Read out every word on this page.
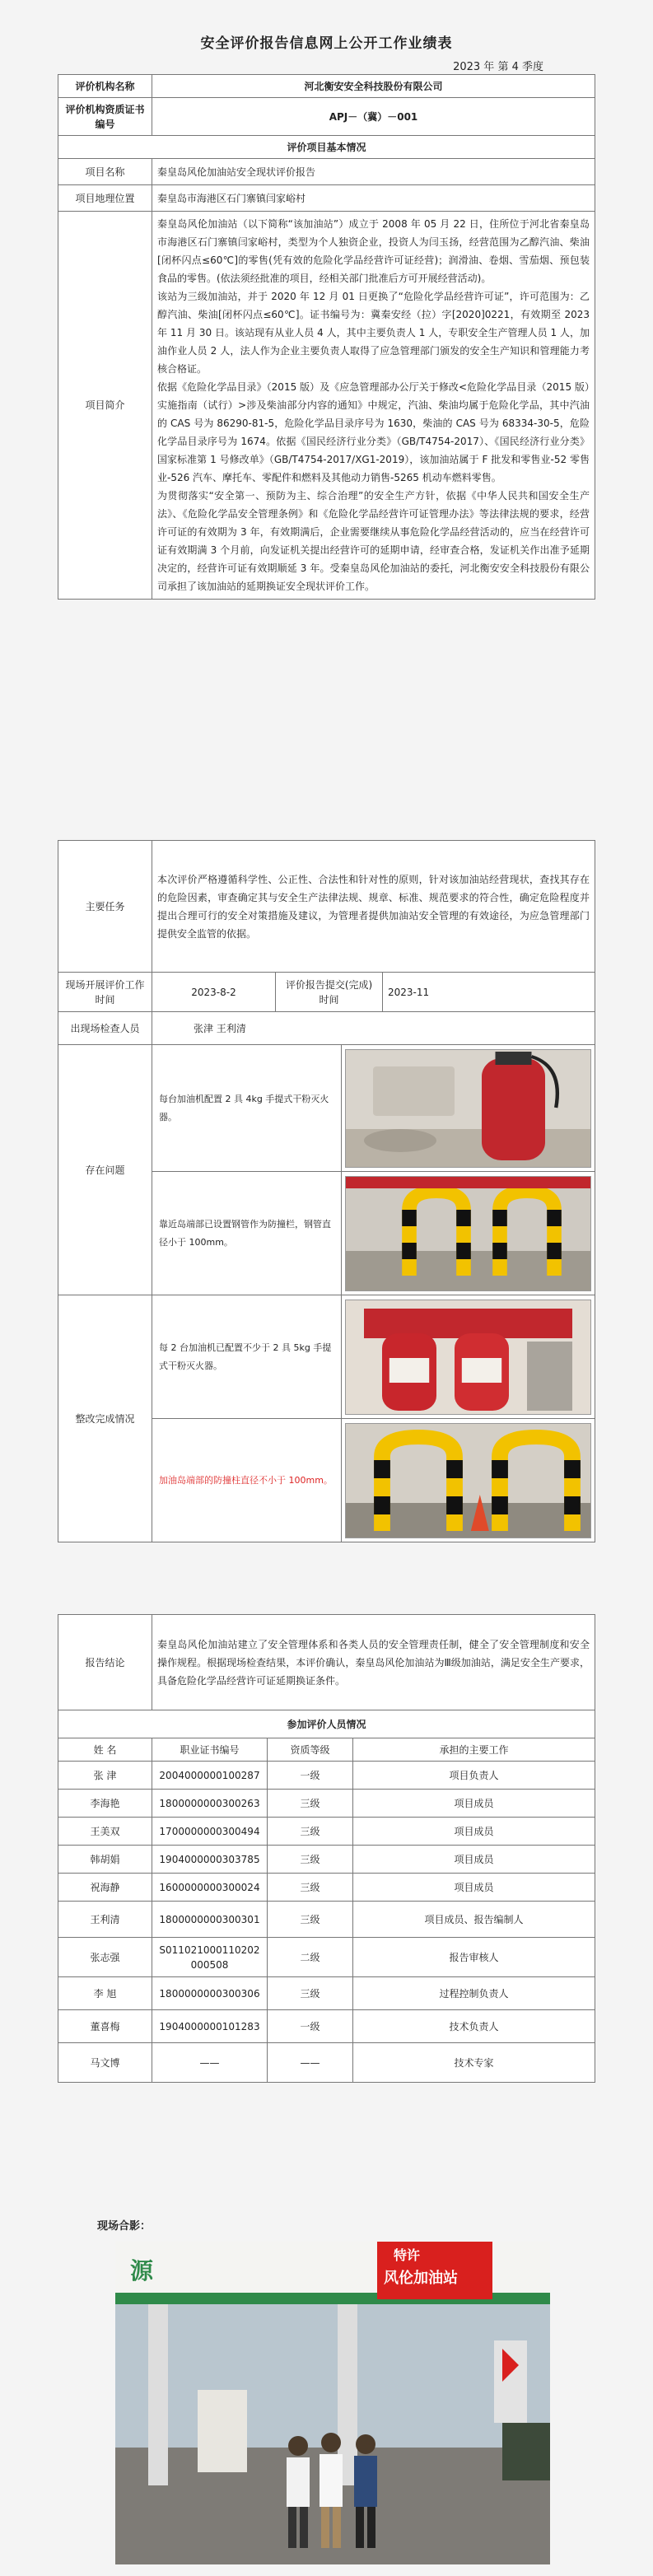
安全评价报告信息网上公开工作业绩表
2023 年 第 4 季度
评价机构名称	河北衡安安全科技股份有限公司
评价机构资质证书编号	APJ－（冀）－001
评价项目基本情况	
项目名称	秦皇岛风伦加油站安全现状评价报告
项目地理位置	秦皇岛市海港区石门寨镇闫家峪村
项目简介	秦皇岛风伦加油站（以下简称“该加油站”）成立于 2008 年 05 月 22 日，住所位于河北省秦皇岛市海港区石门寨镇闫家峪村，类型为个人独资企业，投资人为闫玉扬，经营范围为乙醇汽油、柴油[闭杯闪点≤60℃]的零售(凭有效的危险化学品经营许可证经营)；润滑油、卷烟、雪茄烟、预包装食品的零售。(依法须经批准的项目，经相关部门批准后方可开展经营活动)。
该站为三级加油站，并于 2020 年 12 月 01 日更换了“危险化学品经营许可证”，许可范围为：乙醇汽油、柴油[闭杯闪点≤60℃]。证书编号为：冀秦安经（拉）字[2020]0221，有效期至 2023 年 11 月 30 日。该站现有从业人员 4 人，其中主要负责人 1 人，专职安全生产管理人员 1 人，加油作业人员 2 人，法人作为企业主要负责人取得了应急管理部门颁发的安全生产知识和管理能力考核合格证。
依据《危险化学品目录》（2015 版）及《应急管理部办公厅关于修改<危险化学品目录（2015 版）实施指南（试行）>涉及柴油部分内容的通知》中规定，汽油、柴油均属于危险化学品，其中汽油的 CAS 号为 86290-81-5，危险化学品目录序号为 1630，柴油的 CAS 号为 68334-30-5，危险化学品目录序号为 1674。依据《国民经济行业分类》（GB/T4754-2017）、《国民经济行业分类》国家标准第 1 号修改单》（GB/T4754-2017/XG1-2019），该加油站属于 F 批发和零售业-52 零售业-526 汽车、摩托车、零配件和燃料及其他动力销售-5265 机动车燃料零售。
为贯彻落实“安全第一、预防为主、综合治理”的安全生产方针，依据《中华人民共和国安全生产法》、《危险化学品安全管理条例》和《危险化学品经营许可证管理办法》等法律法规的要求，经营许可证的有效期为 3 年，有效期满后，企业需要继续从事危险化学品经营活动的，应当在经营许可证有效期满 3 个月前，向发证机关提出经营许可的延期申请，经审查合格，发证机关作出准予延期决定的，经营许可证有效期顺延 3 年。受秦皇岛风伦加油站的委托，河北衡安安全科技股份有限公司承担了该加油站的延期换证安全现状评价工作。
主要任务	本次评价严格遵循科学性、公正性、合法性和针对性的原则，针对该加油站经营现状，查找其存在的危险因素，审查确定其与安全生产法律法规、规章、标准、规范要求的符合性，确定危险程度并提出合理可行的安全对策措施及建议，为管理者提供加油站安全管理的有效途径，为应急管理部门提供安全监管的依据。		
现场开展评价工作时间	2023-8-2	评价报告提交(完成)时间	2023-11
出现场检查人员	张津 王利清		
存在问题	每台加油机配置 2 具 4kg 手提式干粉灭火器。	

	靠近岛端部已设置钢管作为防撞栏，钢管直径小于 100mm。	

整改完成情况	每 2 台加油机已配置不少于 2 具 5kg 手提式干粉灭火器。	

	加油岛端部的防撞柱直径不小于 100mm。	
报告结论	秦皇岛风伦加油站建立了安全管理体系和各类人员的安全管理责任制，健全了安全管理制度和安全操作规程。根据现场检查结果，本评价确认，秦皇岛风伦加油站为Ⅲ级加油站，满足安全生产要求，具备危险化学品经营许可证延期换证条件。
参加评价人员情况
姓 名	职业证书编号	资质等级	承担的主要工作
张 津	2004000000100287	一级	项目负责人
李海艳	1800000000300263	三级	项目成员
王美双	1700000000300494	三级	项目成员
韩胡娟	1904000000303785	三级	项目成员
祝海静	1600000000300024	三级	项目成员
王利清	1800000000300301	三级	项目成员、报告编制人
张志强	S011021000110202000508	二级	报告审核人
李 旭	1800000000300306	三级	过程控制负责人
董喜梅	1904000000101283	一级	技术负责人
马文博	——	——	技术专家
现场合影：
特许
风伦加油站
源
